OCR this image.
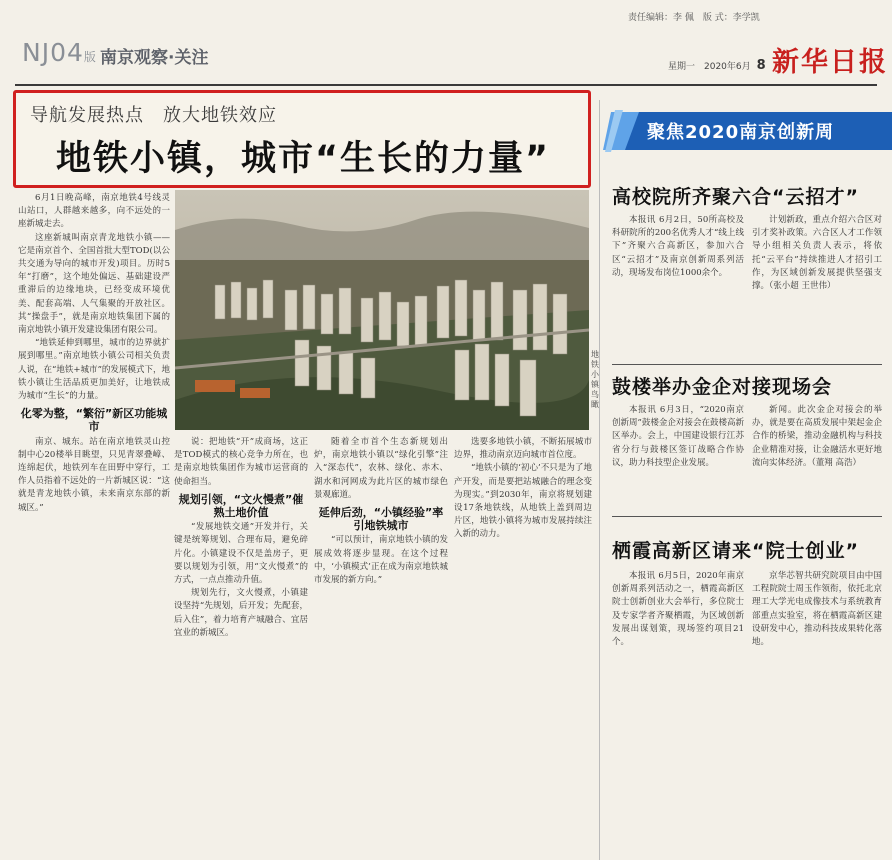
NJ04版 南京观察·关注
责任编辑：李 佩　版 式：李学凯
星期一　2020年6月 8 新华日报
导航发展热点　放大地铁效应
地铁小镇，城市“生长的力量”
地铁小镇鸟瞰

6月1日晚高峰，南京地铁4号线灵山站口，人群越来越多，向不远处的一座新城走去。

这座新城叫南京青龙地铁小镇——它是南京首个、全国首批大型TOD(以公共交通为导向的城市开发)项目。历时5年“打磨”，这个地处偏远、基础建设严重滞后的边缘地块，已经变成环境优美、配套高端、人气集聚的开放社区。其“操盘手”，就是南京地铁集团下属的南京地铁小镇开发建设集团有限公司。

“地铁延伸到哪里，城市的边界就扩展到哪里。”南京地铁小镇公司相关负责人说，在“地铁+城市”的发展模式下，地铁小镇让生活品质更加美好，让地铁成为城市“生长”的力量。

化零为整，“繁衍”新区功能城市

南京、城东。站在南京地铁灵山控制中心20楼举目眺望，只见青翠叠嶂、连绵起伏，地铁列车在田野中穿行，工作人员指着不远处的一片新城区说：“这就是青龙地铁小镇，未来南京东部的新城区。”

说：把地铁“开”成商场，这正是TOD模式的核心竞争力所在，也是南京地铁集团作为城市运营商的使命担当。

规划引领，“文火慢煮”催熟土地价值

“发展地铁交通”开发并行，关键是统筹规划、合理布局，避免碎片化。小镇建设不仅是盖房子，更要以规划为引领，用“文火慢煮”的方式，一点点推动升值。

规划先行，文火慢煮，小镇建设坚持“先规划，后开发；先配套，后入住”，着力培育产城融合、宜居宜业的新城区。

随着全市首个生态新规划出炉，南京地铁小镇以“绿化引擎”注入“深态代”，农林、绿化、赤木、湖水和河网成为此片区的城市绿色景观廊道。

延伸后劲，“小镇经验”率引地铁城市

“可以预计，南京地铁小镇的发展成效将逐步显现。在这个过程中，‘小镇模式’正在成为南京地铁城市发展的新方向。”

选要多地铁小镇，不断拓展城市边界，推动南京迈向城市首位度。

“地铁小镇的‘初心’不只是为了地产开发，而是要把站城融合的理念变为现实。”到2030年，南京将规划建设17条地铁线，从地铁上盖到周边片区，地铁小镇将为城市发展持续注入新的动力。

聚焦2020南京创新周
高校院所齐聚六合“云招才”

本报讯 6月2日，50所高校及科研院所的200名优秀人才“线上线下”齐聚六合高新区，参加六合区“云招才”及南京创新周系列活动，现场发布岗位1000余个。

计划新政，重点介绍六合区对引才奖补政策。六合区人才工作领导小组相关负责人表示，将依托“云平台”持续推进人才招引工作，为区域创新发展提供坚强支撑。（张小超 王世伟）

鼓楼举办金企对接现场会

本报讯 6月3日，“2020南京创新周”鼓楼金企对接会在鼓楼高新区举办。会上，中国建设银行江苏省分行与鼓楼区签订战略合作协议，助力科技型企业发展。

新闻。此次金企对接会的举办，就是要在高质发展中架起金企合作的桥梁，推动金融机构与科技企业精准对接，让金融活水更好地流向实体经济。（董翔 高浩）

栖霞高新区请来“院士创业”

本报讯 6月5日，2020年南京创新周系列活动之一，栖霞高新区院士创新创业大会举行，多位院士及专家学者齐聚栖霞，为区域创新发展出谋划策，现场签约项目21个。

京华芯智共研究院项目由中国工程院院士周玉作领衔，依托北京理工大学光电成像技术与系统教育部重点实验室，将在栖霞高新区建设研发中心，推动科技成果转化落地。
